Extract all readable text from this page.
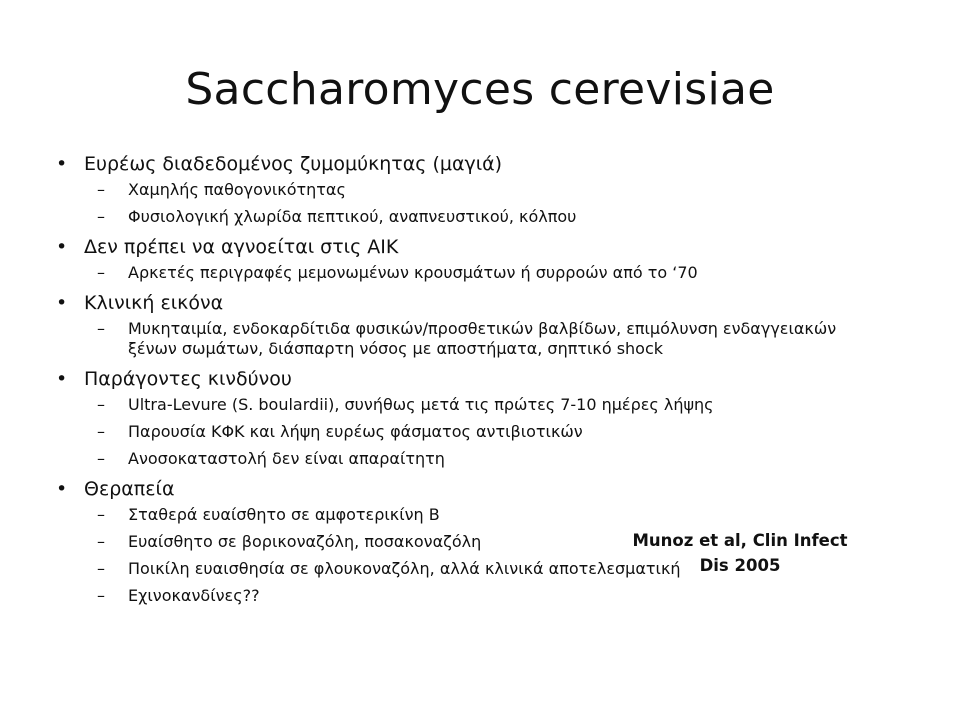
Saccharomyces cerevisiae
• Ευρέως διαδεδομένος ζυμομύκητας (μαγιά)
– Χαμηλής παθογονικότητας
– Φυσιολογική χλωρίδα πεπτικού, αναπνευστικού, κόλπου
• Δεν πρέπει να αγνοείται στις ΑΙΚ
– Αρκετές περιγραφές μεμονωμένων κρουσμάτων ή συρροών από το ‘70
• Κλινική εικόνα
– Μυκηταιμία, ενδοκαρδίτιδα φυσικών/προσθετικών βαλβίδων, επιμόλυνση ενδαγγειακών ξένων σωμάτων, διάσπαρτη νόσος με αποστήματα, σηπτικό shock
• Παράγοντες κινδύνου
– Ultra-Levure (S. boulardii), συνήθως μετά τις πρώτες 7-10 ημέρες λήψης
– Παρουσία ΚΦΚ και λήψη ευρέως φάσματος αντιβιοτικών
– Ανοσοκαταστολή δεν είναι απαραίτητη
• Θεραπεία
– Σταθερά ευαίσθητο σε αμφοτερικίνη Β
– Ευαίσθητο σε βορικοναζόλη, ποσακοναζόλη
– Ποικίλη ευαισθησία σε φλουκοναζόλη, αλλά κλινικά αποτελεσματική
– Εχινοκανδίνες??
Munoz et al, Clin Infect
Dis 2005
